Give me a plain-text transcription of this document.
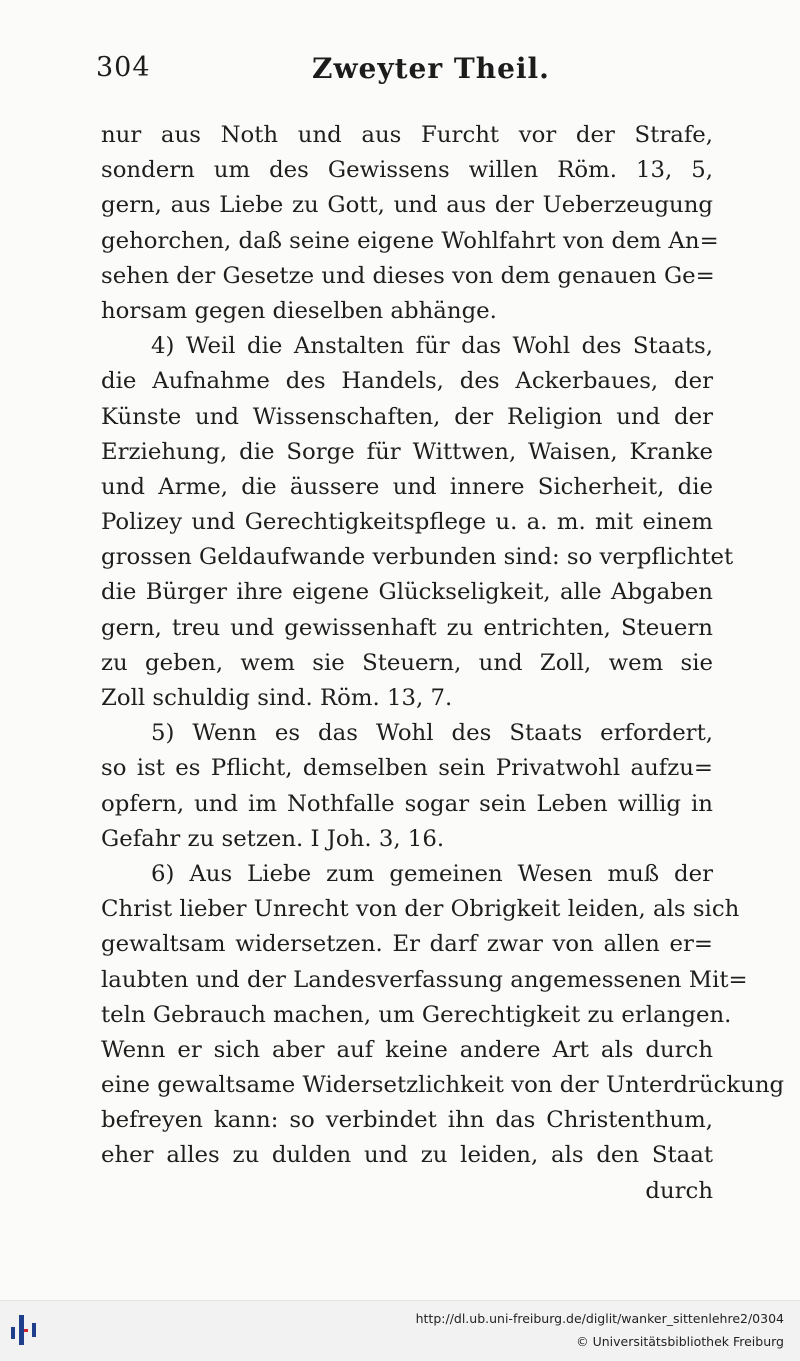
304	Zweyter Theil.
nur aus Noth und aus Furcht vor der Strafe,
sondern um des Gewissens willen Röm. 13, 5,
gern, aus Liebe zu Gott, und aus der Ueberzeugung
gehorchen, daß seine eigene Wohlfahrt von dem An=
sehen der Gesetze und dieses von dem genauen Ge=
horsam gegen dieselben abhänge.
4) Weil die Anstalten für das Wohl des Staats,
die Aufnahme des Handels, des Ackerbaues, der
Künste und Wissenschaften, der Religion und der
Erziehung, die Sorge für Wittwen, Waisen, Kranke
und Arme, die äussere und innere Sicherheit, die
Polizey und Gerechtigkeitspflege u. a. m. mit einem
grossen Geldaufwande verbunden sind: so verpflichtet
die Bürger ihre eigene Glückseligkeit, alle Abgaben
gern, treu und gewissenhaft zu entrichten, Steuern
zu geben, wem sie Steuern, und Zoll, wem sie
Zoll schuldig sind. Röm. 13, 7.
5) Wenn es das Wohl des Staats erfordert,
so ist es Pflicht, demselben sein Privatwohl aufzu=
opfern, und im Nothfalle sogar sein Leben willig in
Gefahr zu setzen. I Joh. 3, 16.
6) Aus Liebe zum gemeinen Wesen muß der
Christ lieber Unrecht von der Obrigkeit leiden, als sich
gewaltsam widersetzen. Er darf zwar von allen er=
laubten und der Landesverfassung angemessenen Mit=
teln Gebrauch machen, um Gerechtigkeit zu erlangen.
Wenn er sich aber auf keine andere Art als durch
eine gewaltsame Widersetzlichkeit von der Unterdrückung
befreyen kann: so verbindet ihn das Christenthum,
eher alles zu dulden und zu leiden, als den Staat
durch
http://dl.ub.uni-freiburg.de/diglit/wanker_sittenlehre2/0304
© Universitätsbibliothek Freiburg
